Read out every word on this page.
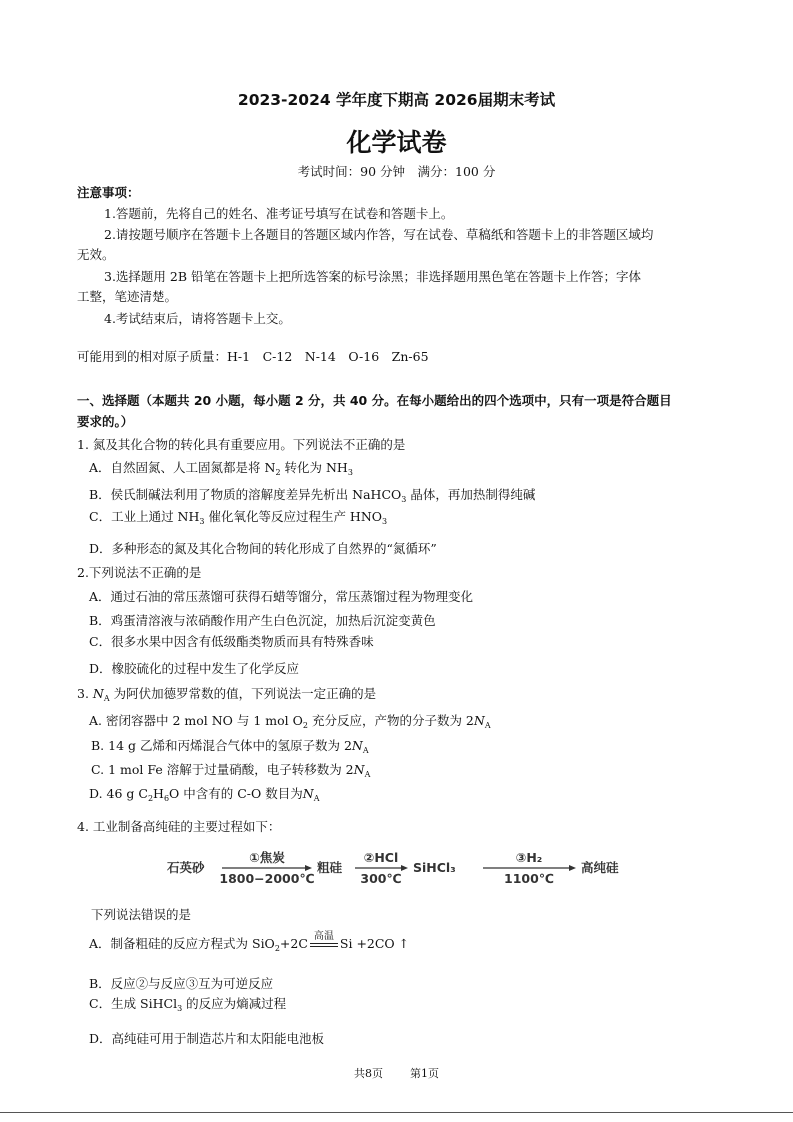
2023-2024 学年度下期高 2026届期末考试
化学试卷
考试时间：90 分钟　满分：100 分
注意事项：
1.答题前，先将自己的姓名、准考证号填写在试卷和答题卡上。
2.请按题号顺序在答题卡上各题目的答题区域内作答，写在试卷、草稿纸和答题卡上的非答题区域均
无效。
3.选择题用 2B 铅笔在答题卡上把所选答案的标号涂黑；非选择题用黑色笔在答题卡上作答；字体
工整，笔迹清楚。
4.考试结束后，请将答题卡上交。
可能用到的相对原子质量：H-1　C-12　N-14　O-16　Zn-65
一、选择题（本题共 20 小题，每小题 2 分，共 40 分。在每小题给出的四个选项中，只有一项是符合题目
要求的。）
1. 氮及其化合物的转化具有重要应用。下列说法不正确的是
A．自然固氮、人工固氮都是将 $N_2$ 转化为 $NH_3$
B．侯氏制碱法利用了物质的溶解度差异先析出 NaHCO$_3$ 晶体，再加热制得纯碱
C．工业上通过 $NH_3$ 催化氧化等反应过程生产 $HNO_3$
D．多种形态的氮及其化合物间的转化形成了自然界的“氮循环”
2.下列说法不正确的是
A．通过石油的常压蒸馏可获得石蜡等馏分，常压蒸馏过程为物理变化
B．鸡蛋清溶液与浓硝酸作用产生白色沉淀，加热后沉淀变黄色
C．很多水果中因含有低级酯类物质而具有特殊香味
D．橡胶硫化的过程中发生了化学反应
3. $N_A$ 为阿伏加德罗常数的值，下列说法一定正确的是
A. 密闭容器中 2 mol NO 与 1 mol $O_2$ 充分反应，产物的分子数为 $2N_A$
B. 14 g 乙烯和丙烯混合气体中的氢原子数为 $2N_A$
C. 1 mol Fe 溶解于过量硝酸，电子转移数为 $2N_A$
D. 46 g $C_2H_6O$ 中含有的 C-O 数目为$N_A$
4. 工业制备高纯硅的主要过程如下：
石英砂
①焦炭
1800−2000℃
粗硅
②HCl
300℃
SiHCl₃
③H₂
1100℃
高纯硅
下列说法错误的是
A．制备粗硅的反应方程式为 SiO$_2$+2C 高温 Si +2CO ↑
B．反应②与反应③互为可逆反应
C．生成 SiHCl$_3$ 的反应为熵减过程
D．高纯硅可用于制造芯片和太阳能电池板
共8页 第1页
